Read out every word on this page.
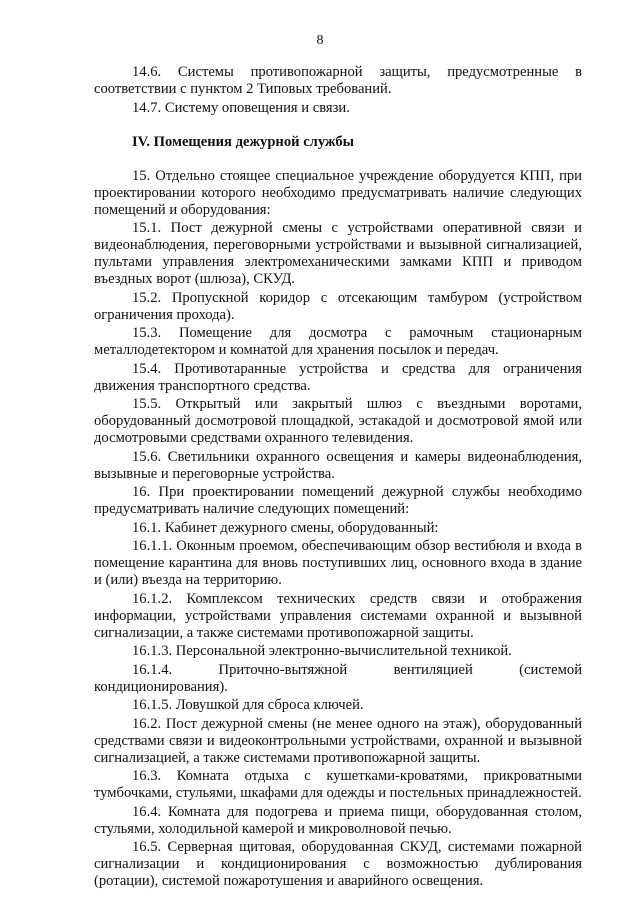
8

14.6. Системы противопожарной защиты, предусмотренные в соответствии с пунктом 2 Типовых требований.

14.7. Систему оповещения и связи.

IV. Помещения дежурной службы

15. Отдельно стоящее специальное учреждение оборудуется КПП, при проектировании которого необходимо предусматривать наличие следующих помещений и оборудования:

15.1. Пост дежурной смены с устройствами оперативной связи и видеонаблюдения, переговорными устройствами и вызывной сигнализацией, пультами управления электромеханическими замками КПП и приводом въездных ворот (шлюза), СКУД.

15.2. Пропускной коридор с отсекающим тамбуром (устройством ограничения прохода).

15.3. Помещение для досмотра с рамочным стационарным металлодетектором и комнатой для хранения посылок и передач.

15.4. Противотаранные устройства и средства для ограничения движения транспортного средства.

15.5. Открытый или закрытый шлюз с въездными воротами, оборудованный досмотровой площадкой, эстакадой и досмотровой ямой или досмотровыми средствами охранного телевидения.

15.6. Светильники охранного освещения и камеры видеонаблюдения, вызывные и переговорные устройства.

16. При проектировании помещений дежурной службы необходимо предусматривать наличие следующих помещений:

16.1. Кабинет дежурного смены, оборудованный:

16.1.1. Оконным проемом, обеспечивающим обзор вестибюля и входа в помещение карантина для вновь поступивших лиц, основного входа в здание и (или) въезда на территорию.

16.1.2. Комплексом технических средств связи и отображения информации, устройствами управления системами охранной и вызывной сигнализации, а также системами противопожарной защиты.

16.1.3. Персональной электронно-вычислительной техникой.

16.1.4. Приточно-вытяжной вентиляцией (системой кондиционирования).

16.1.5. Ловушкой для сброса ключей.

16.2. Пост дежурной смены (не менее одного на этаж), оборудованный средствами связи и видеоконтрольными устройствами, охранной и вызывной сигнализацией, а также системами противопожарной защиты.

16.3. Комната отдыха с кушетками-кроватями, прикроватными тумбочками, стульями, шкафами для одежды и постельных принадлежностей.

16.4. Комната для подогрева и приема пищи, оборудованная столом, стульями, холодильной камерой и микроволновой печью.

16.5. Серверная щитовая, оборудованная СКУД, системами пожарной сигнализации и кондиционирования с возможностью дублирования (ротации), системой пожаротушения и аварийного освещения.
